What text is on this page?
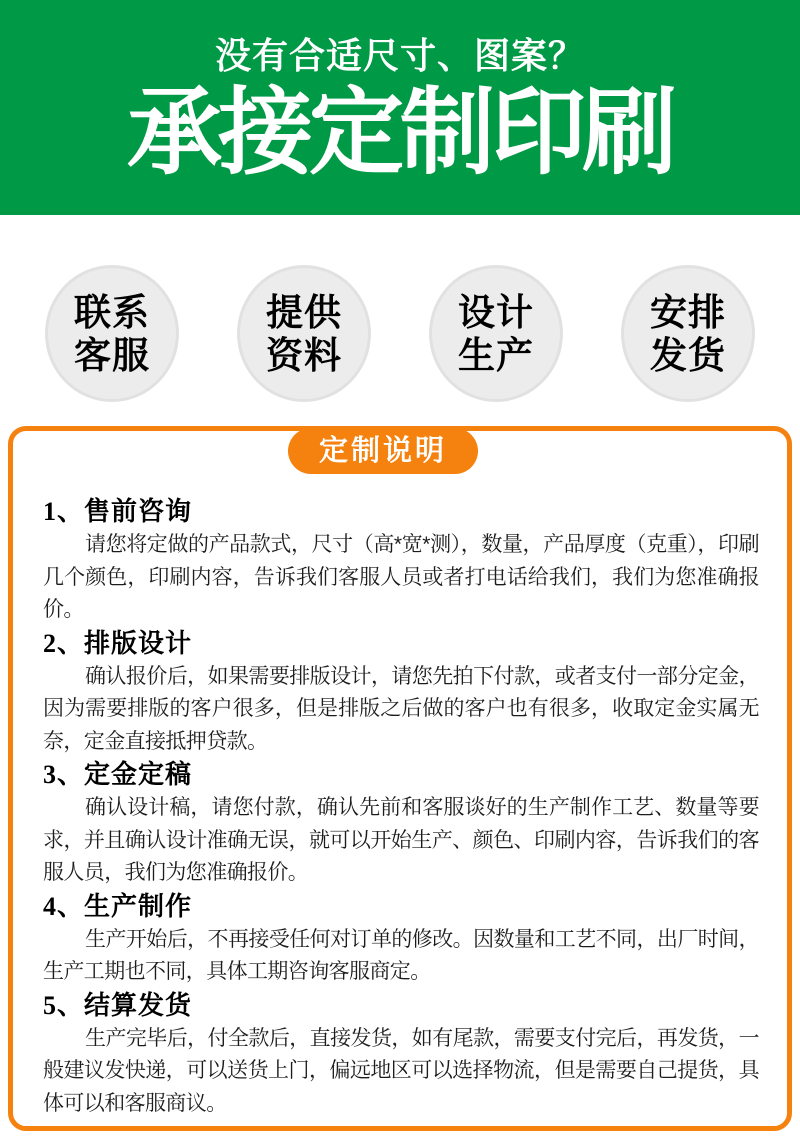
没有合适尺寸、图案？
承接定制印刷
联系
客服
提供
资料
设计
生产
安排
发货
定制说明
1、售前咨询

请您将定做的产品款式，尺寸（高*宽*测），数量，产品厚度（克重），印刷几个颜色，印刷内容，告诉我们客服人员或者打电话给我们，我们为您准确报价。

2、排版设计

确认报价后，如果需要排版设计，请您先拍下付款，或者支付一部分定金，因为需要排版的客户很多，但是排版之后做的客户也有很多，收取定金实属无奈，定金直接抵押贷款。

3、定金定稿

确认设计稿，请您付款，确认先前和客服谈好的生产制作工艺、数量等要求，并且确认设计准确无误，就可以开始生产、颜色、印刷内容，告诉我们的客服人员，我们为您准确报价。

4、生产制作

生产开始后，不再接受任何对订单的修改。因数量和工艺不同，出厂时间，生产工期也不同，具体工期咨询客服商定。

5、结算发货

生产完毕后，付全款后，直接发货，如有尾款，需要支付完后，再发货，一般建议发快递，可以送货上门，偏远地区可以选择物流，但是需要自己提货，具体可以和客服商议。
